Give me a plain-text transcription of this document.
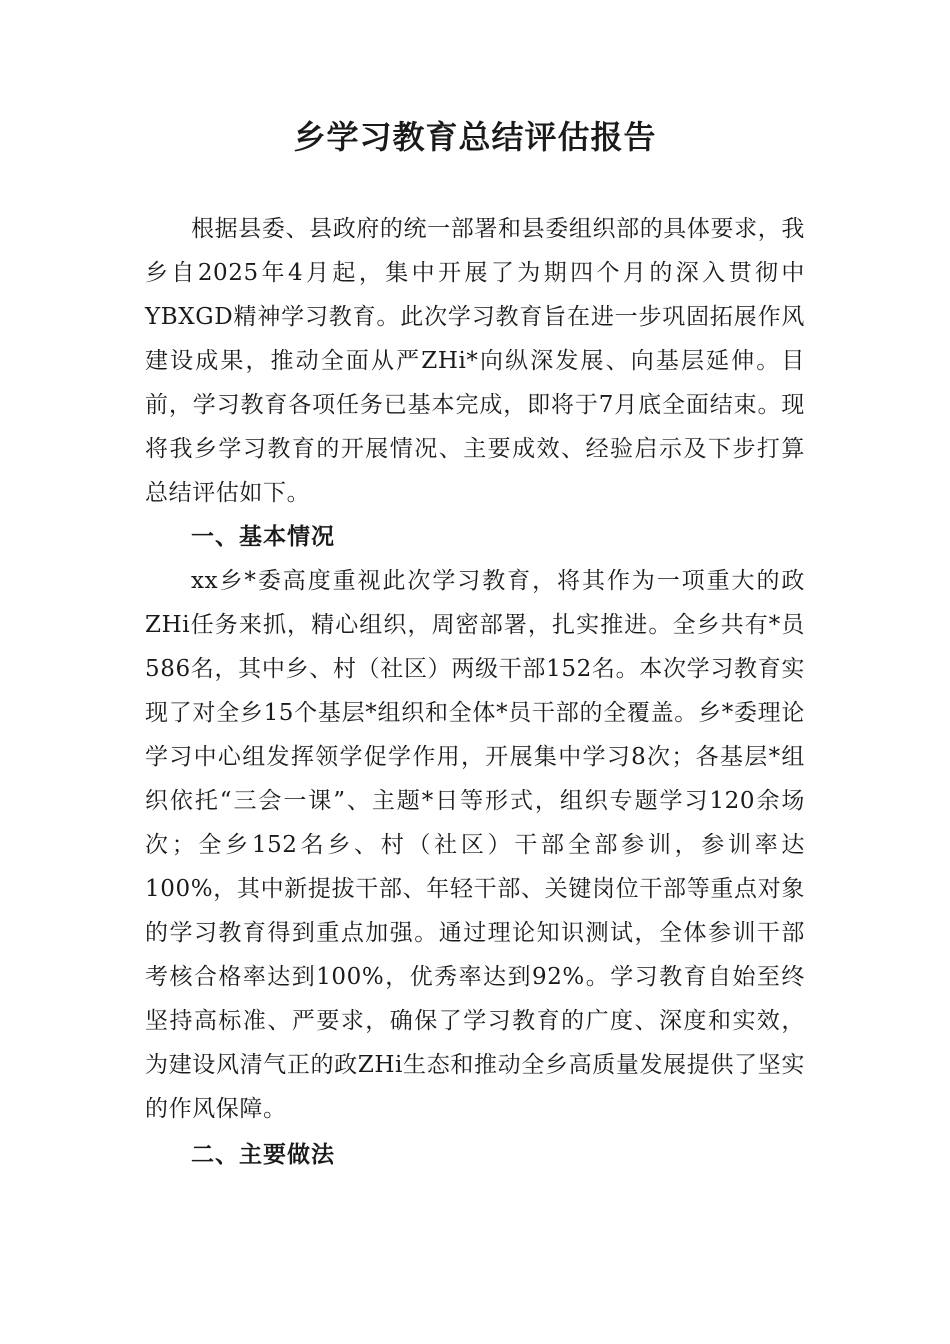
乡学习教育总结评估报告

根据县委、县政府的统一部署和县委组织部的具体要求，我乡自2025年4月起，集中开展了为期四个月的深入贯彻中YBXGD精神学习教育。此次学习教育旨在进一步巩固拓展作风建设成果，推动全面从严ZHi*向纵深发展、向基层延伸。目前，学习教育各项任务已基本完成，即将于7月底全面结束。现将我乡学习教育的开展情况、主要成效、经验启示及下步打算总结评估如下。

一、基本情况

xx乡*委高度重视此次学习教育，将其作为一项重大的政ZHi任务来抓，精心组织，周密部署，扎实推进。全乡共有*员586名，其中乡、村（社区）两级干部152名。本次学习教育实现了对全乡15个基层*组织和全体*员干部的全覆盖。乡*委理论学习中心组发挥领学促学作用，开展集中学习8次；各基层*组织依托“三会一课”、主题*日等形式，组织专题学习120余场次；全乡152名乡、村（社区）干部全部参训，参训率达100%，其中新提拔干部、年轻干部、关键岗位干部等重点对象的学习教育得到重点加强。通过理论知识测试，全体参训干部考核合格率达到100%，优秀率达到92%。学习教育自始至终坚持高标准、严要求，确保了学习教育的广度、深度和实效，为建设风清气正的政ZHi生态和推动全乡高质量发展提供了坚实的作风保障。

二、主要做法
